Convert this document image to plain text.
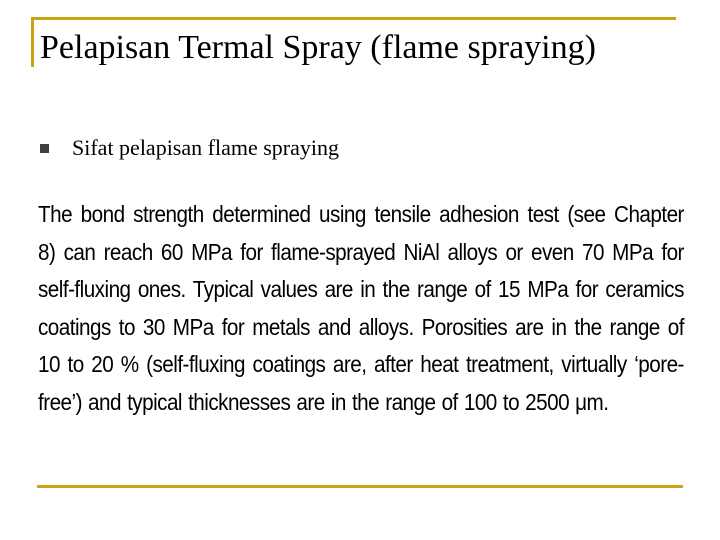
Pelapisan Termal Spray (flame spraying)
Sifat pelapisan flame spraying
The bond strength determined using tensile adhesion test (see Chapter 8) can reach 60 MPa for flame-sprayed NiAl alloys or even 70 MPa for self-fluxing ones. Typical values are in the range of 15 MPa for ceramics coatings to 30 MPa for metals and alloys. Porosities are in the range of 10 to 20 % (self-fluxing coatings are, after heat treatment, virtually ‘pore-free’) and typical thicknesses are in the range of 100 to 2500 μm.
